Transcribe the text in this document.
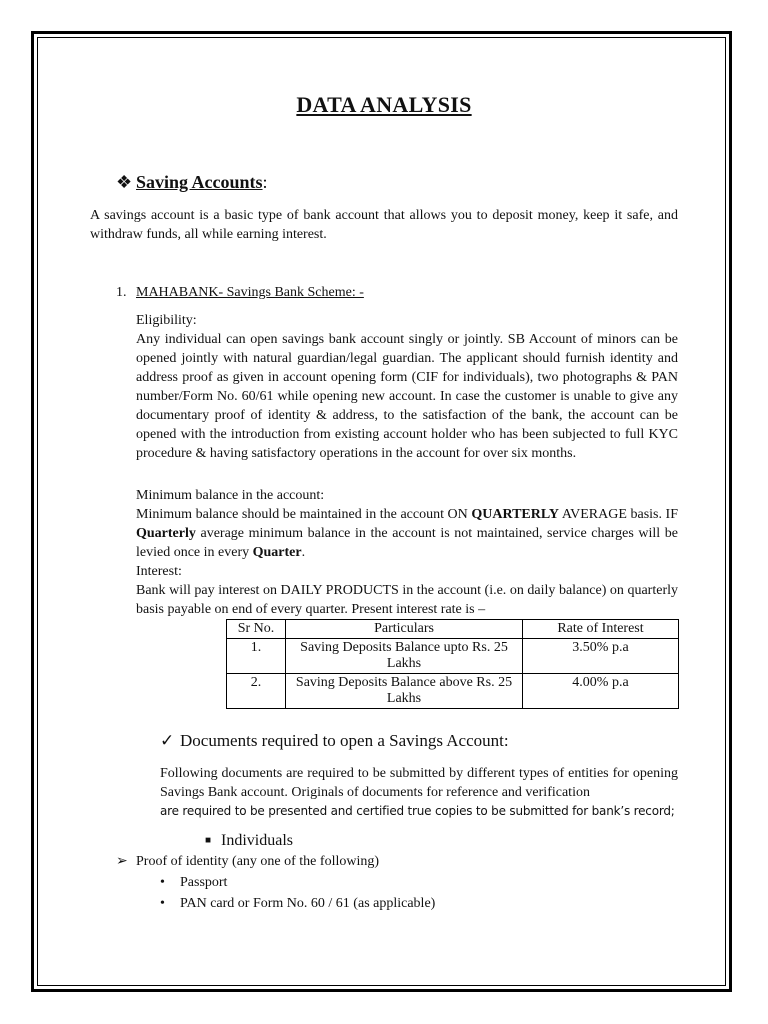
DATA ANALYSIS
❖ Saving Accounts:
A savings account is a basic type of bank account that allows you to deposit money, keep it safe, and withdraw funds, all while earning interest.
1. MAHABANK- Savings Bank Scheme: -
Eligibility:
Any individual can open savings bank account singly or jointly. SB Account of minors can be opened jointly with natural guardian/legal guardian. The applicant should furnish identity and address proof as given in account opening form (CIF for individuals), two photographs & PAN number/Form No. 60/61 while opening new account. In case the customer is unable to give any documentary proof of identity & address, to the satisfaction of the bank, the account can be opened with the introduction from existing account holder who has been subjected to full KYC procedure & having satisfactory operations in the account for over six months.
Minimum balance in the account:
Minimum balance should be maintained in the account ON QUARTERLY AVERAGE basis. IF Quarterly average minimum balance in the account is not maintained, service charges will be levied once in every Quarter.
Interest:
Bank will pay interest on DAILY PRODUCTS in the account (i.e. on daily balance) on quarterly basis payable on end of every quarter. Present interest rate is –
Sr No.	Particulars	Rate of Interest
1.	Saving Deposits Balance upto Rs. 25 Lakhs	3.50% p.a
2.	Saving Deposits Balance above Rs. 25 Lakhs	4.00% p.a
✓ Documents required to open a Savings Account:
Following documents are required to be submitted by different types of entities for opening Savings Bank account. Originals of documents for reference and verification
are required to be presented and certified true copies to be submitted for bank’s record;
■ Individuals
➢ Proof of identity (any one of the following)
• Passport
• PAN card or Form No. 60 / 61 (as applicable)
